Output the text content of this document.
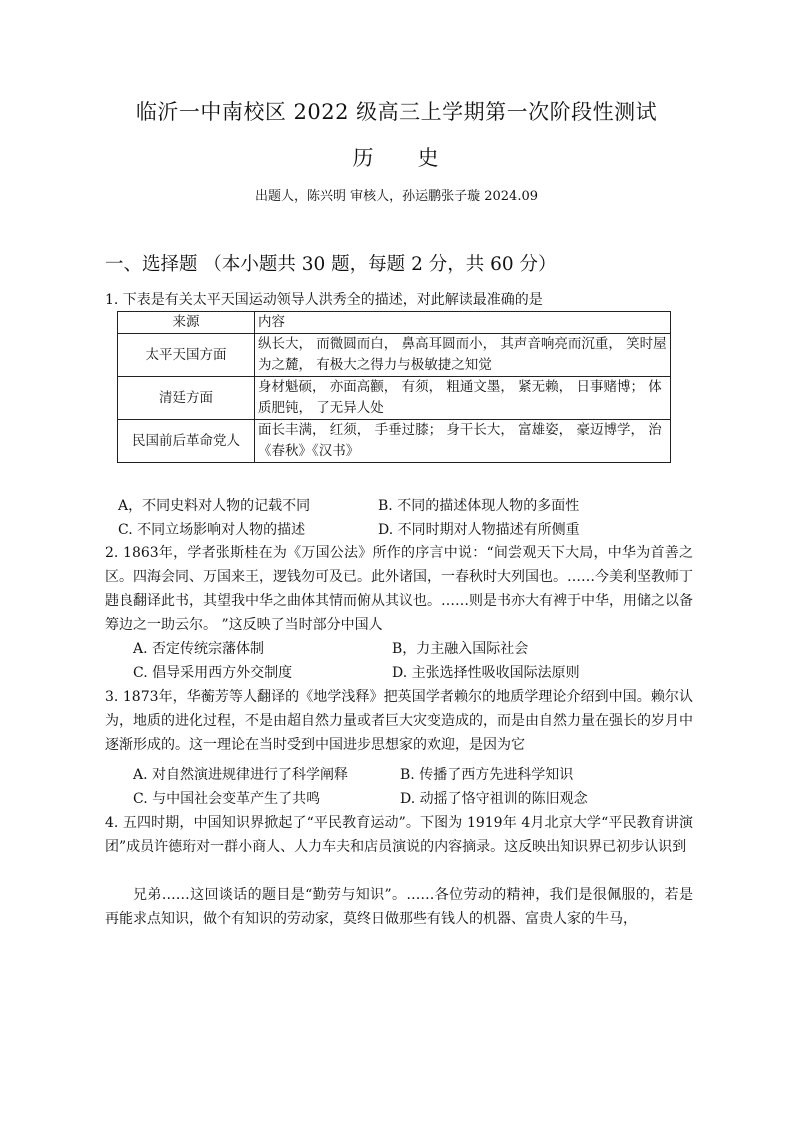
临沂一中南校区 2022 级高三上学期第一次阶段性测试
历 史
出题人，陈兴明 审核人，孙运鹏张子璇 2024.09
一、选择题 （本小题共 30 题，每题 2 分，共 60 分）

1. 下表是有关太平天国运动领导人洪秀全的描述，对此解读最准确的是

来源	内容
太平天国方面	纵长大， 而微圆而白， 鼻高耳圆而小， 其声音响亮而沉重， 笑时屋为之麓， 有极大之得力与极敏捷之知觉
清廷方面	身材魁硕， 亦面高颧， 有须， 粗通文墨， 紧无赖， 日事赌博； 体质肥钝， 了无异人处
民国前后革命党人	面长丰满， 红须， 手垂过膝； 身干长大， 富雄姿， 豪迈博学， 治《春秋》《汉书》
A，不同史料对人物的记载不同	B. 不同的描述体现人物的多面性
C. 不同立场影响对人物的描述	D. 不同时期对人物描述有所侧重

2. 1863年，学者张斯桂在为《万国公法》所作的序言中说：“间尝观天下大局，中华为首善之区。四海会同、万国来王，逻钱勿可及已。此外诸国，一春秋时大列国也。……今美利坚教师丁韪良翻译此书，其望我中华之曲体其情而俯从其议也。……则是书亦大有裨于中华，用储之以备筹边之一助云尔。 ”这反映了当时部分中国人

A. 否定传统宗藩体制	B，力主融入国际社会
C. 倡导采用西方外交制度	D. 主张选择性吸收国际法原则

3. 1873年，华蘅芳等人翻译的《地学浅释》把英国学者赖尔的地质学理论介绍到中国。赖尔认为，地质的进化过程，不是由超自然力量或者巨大灾变造成的，而是由自然力量在强长的岁月中逐渐形成的。这一理论在当时受到中国进步思想家的欢迎，是因为它

A. 对自然演进规律进行了科学阐释	B. 传播了西方先进科学知识
C. 与中国社会变革产生了共鸣	D. 动摇了恪守祖训的陈旧观念

4. 五四时期，中国知识界掀起了“平民教育运动”。下图为 1919年 4月北京大学“平民教育讲演团”成员许德珩对一群小商人、人力车夫和店员演说的内容摘录。这反映出知识界已初步认识到

兄弟……这回谈话的题目是“勤劳与知识”。……各位劳动的精神，我们是很佩服的，若是再能求点知识，做个有知识的劳动家，莫终日做那些有钱人的机器、富贵人家的牛马，
